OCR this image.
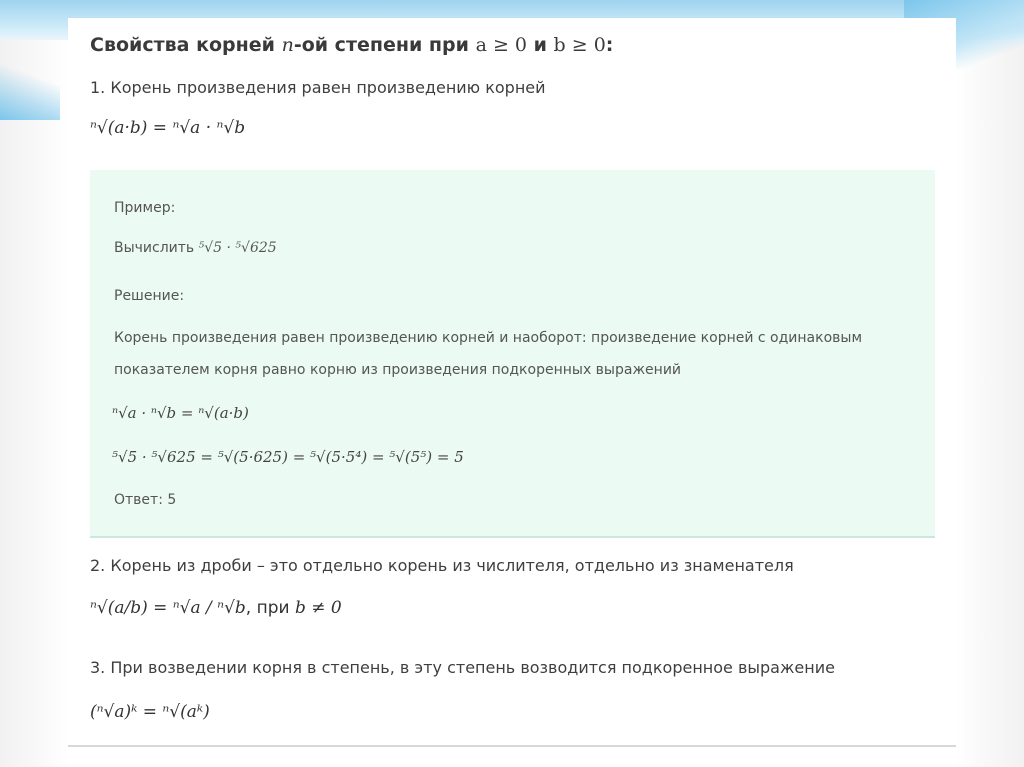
Свойства корней n-ой степени при a ≥ 0 и b ≥ 0:
1. Корень произведения равен произведению корней
ⁿ√(a·b) = ⁿ√a · ⁿ√b
Пример:
Вычислить ⁵√5 · ⁵√625
Решение:
Корень произведения равен произведению корней и наоборот: произведение корней с одинаковым
показателем корня равно корню из произведения подкоренных выражений
ⁿ√a · ⁿ√b = ⁿ√(a·b)
⁵√5 · ⁵√625 = ⁵√(5·625) = ⁵√(5·5⁴) = ⁵√(5⁵) = 5
Ответ: 5
2. Корень из дроби – это отдельно корень из числителя, отдельно из знаменателя
ⁿ√(a/b) = ⁿ√a / ⁿ√b, при b ≠ 0
3. При возведении корня в степень, в эту степень возводится подкоренное выражение
(ⁿ√a)ᵏ = ⁿ√(aᵏ)
